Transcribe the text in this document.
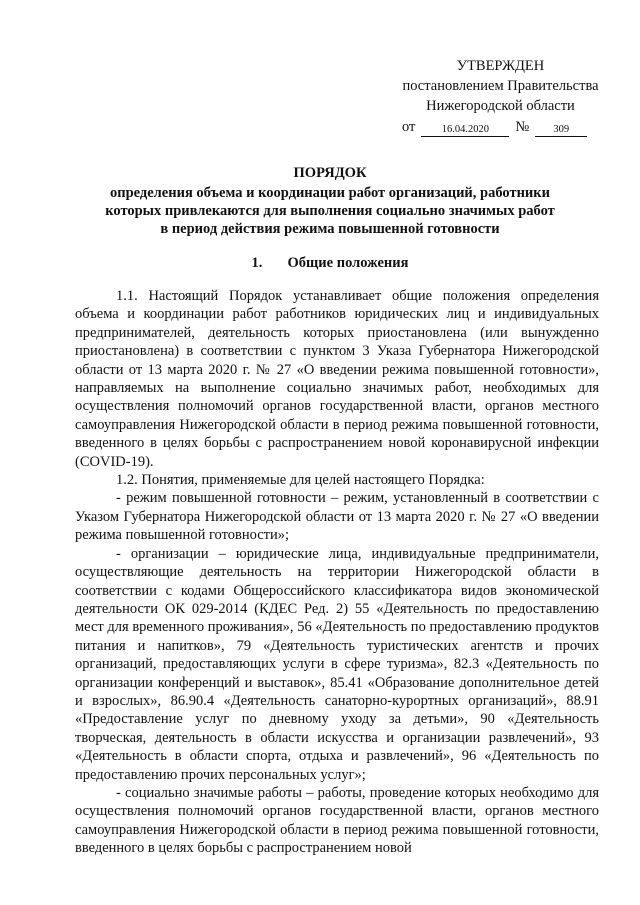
УТВЕРЖДЕН
постановлением Правительства
Нижегородской области
от	16.04.2020	№	309
ПОРЯДОК
определения объема и координации работ организаций, работники
которых привлекаются для выполнения социально значимых работ
в период действия режима повышенной готовности
1. Общие положения

1.1. Настоящий Порядок устанавливает общие положения определения объема и координации работ работников юридических лиц и индивидуальных предпринимателей, деятельность которых приостановлена (или вынужденно приостановлена) в соответствии с пунктом 3 Указа Губернатора Нижегородской области от 13 марта 2020 г. № 27 «О введении режима повышенной готовности», направляемых на выполнение социально значимых работ, необходимых для осуществления полномочий органов государственной власти, органов местного самоуправления Нижегородской области в период режима повышенной готовности, введенного в целях борьбы с распространением новой коронавирусной инфекции (COVID-19).

1.2. Понятия, применяемые для целей настоящего Порядка:

- режим повышенной готовности – режим, установленный в соответствии с Указом Губернатора Нижегородской области от 13 марта 2020 г. № 27 «О введении режима повышенной готовности»;

- организации – юридические лица, индивидуальные предприниматели, осуществляющие деятельность на территории Нижегородской области в соответствии с кодами Общероссийского классификатора видов экономической деятельности ОК 029-2014 (КДЕС Ред. 2) 55 «Деятельность по предоставлению мест для временного проживания», 56 «Деятельность по предоставлению продуктов питания и напитков», 79 «Деятельность туристических агентств и прочих организаций, предоставляющих услуги в сфере туризма», 82.3 «Деятельность по организации конференций и выставок», 85.41 «Образование дополнительное детей и взрослых», 86.90.4 «Деятельность санаторно-курортных организаций», 88.91 «Предоставление услуг по дневному уходу за детьми», 90 «Деятельность творческая, деятельность в области искусства и организации развлечений», 93 «Деятельность в области спорта, отдыха и развлечений», 96 «Деятельность по предоставлению прочих персональных услуг»;

- социально значимые работы – работы, проведение которых необходимо для осуществления полномочий органов государственной власти, органов местного самоуправления Нижегородской области в период режима повышенной готовности, введенного в целях борьбы с распространением новой
